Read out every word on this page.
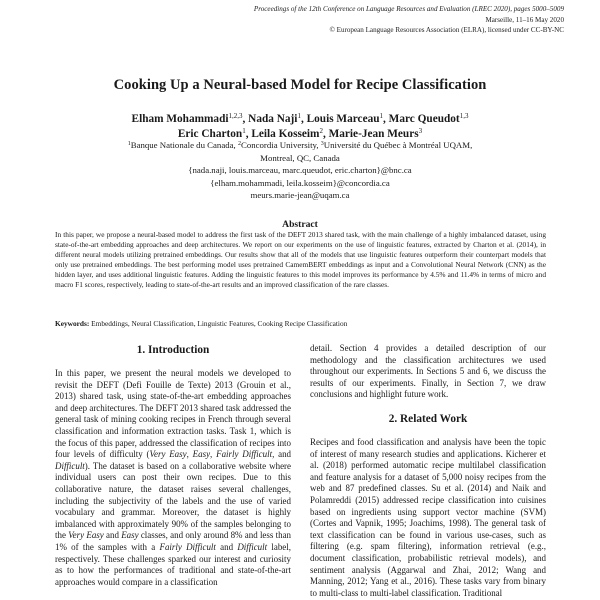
Proceedings of the 12th Conference on Language Resources and Evaluation (LREC 2020), pages 5000–5009
Marseille, 11–16 May 2020
© European Language Resources Association (ELRA), licensed under CC-BY-NC
Cooking Up a Neural-based Model for Recipe Classification
Elham Mohammadi$^{1,2,3}$, Nada Naji$^1$, Louis Marceau$^1$, Marc Queudot$^{1,3}$
Eric Charton$^1$, Leila Kosseim$^2$, Marie-Jean Meurs$^3$
$^1$Banque Nationale du Canada, $^2$Concordia University, $^3$Université du Québec à Montréal UQAM,
Montreal, QC, Canada
{nada.naji, louis.marceau, marc.queudot, eric.charton}@bnc.ca
{elham.mohammadi, leila.kosseim}@concordia.ca
meurs.marie-jean@uqam.ca
Abstract
In this paper, we propose a neural-based model to address the first task of the DEFT 2013 shared task, with the main challenge of a highly imbalanced dataset, using state-of-the-art embedding approaches and deep architectures. We report on our experiments on the use of linguistic features, extracted by Charton et al. (2014), in different neural models utilizing pretrained embeddings. Our results show that all of the models that use linguistic features outperform their counterpart models that only use pretrained embeddings. The best performing model uses pretrained CamemBERT embeddings as input and a Convolutional Neural Network (CNN) as the hidden layer, and uses additional linguistic features. Adding the linguistic features to this model improves its performance by 4.5% and 11.4% in terms of micro and macro F1 scores, respectively, leading to state-of-the-art results and an improved classification of the rare classes.
Keywords: Embeddings, Neural Classification, Linguistic Features, Cooking Recipe Classification
1. Introduction

In this paper, we present the neural models we developed to revisit the DEFT (Defi Fouille de Texte) 2013 (Grouin et al., 2013) shared task, using state-of-the-art embedding approaches and deep architectures. The DEFT 2013 shared task addressed the general task of mining cooking recipes in French through several classification and information extraction tasks. Task 1, which is the focus of this paper, addressed the classification of recipes into four levels of difficulty (Very Easy, Easy, Fairly Difficult, and Difficult). The dataset is based on a collaborative website where individual users can post their own recipes. Due to this collaborative nature, the dataset raises several challenges, including the subjectivity of the labels and the use of varied vocabulary and grammar. Moreover, the dataset is highly imbalanced with approximately 90% of the samples belonging to the Very Easy and Easy classes, and only around 8% and less than 1% of the samples with a Fairly Difficult and Difficult label, respectively. These challenges sparked our interest and curiosity as to how the performances of traditional and state-of-the-art approaches would compare in a classification

detail. Section 4 provides a detailed description of our methodology and the classification architectures we used throughout our experiments. In Sections 5 and 6, we discuss the results of our experiments. Finally, in Section 7, we draw conclusions and highlight future work.

2. Related Work

Recipes and food classification and analysis have been the topic of interest of many research studies and applications. Kicherer et al. (2018) performed automatic recipe multilabel classification and feature analysis for a dataset of 5,000 noisy recipes from the web and 87 predefined classes. Su et al. (2014) and Naik and Polamreddi (2015) addressed recipe classification into cuisines based on ingredients using support vector machine (SVM) (Cortes and Vapnik, 1995; Joachims, 1998). The general task of text classification can be found in various use-cases, such as filtering (e.g. spam filtering), information retrieval (e.g., document classification, probabilistic retrieval models), and sentiment analysis (Aggarwal and Zhai, 2012; Wang and Manning, 2012; Yang et al., 2016). These tasks vary from binary to multi-class to multi-label classification. Traditional
